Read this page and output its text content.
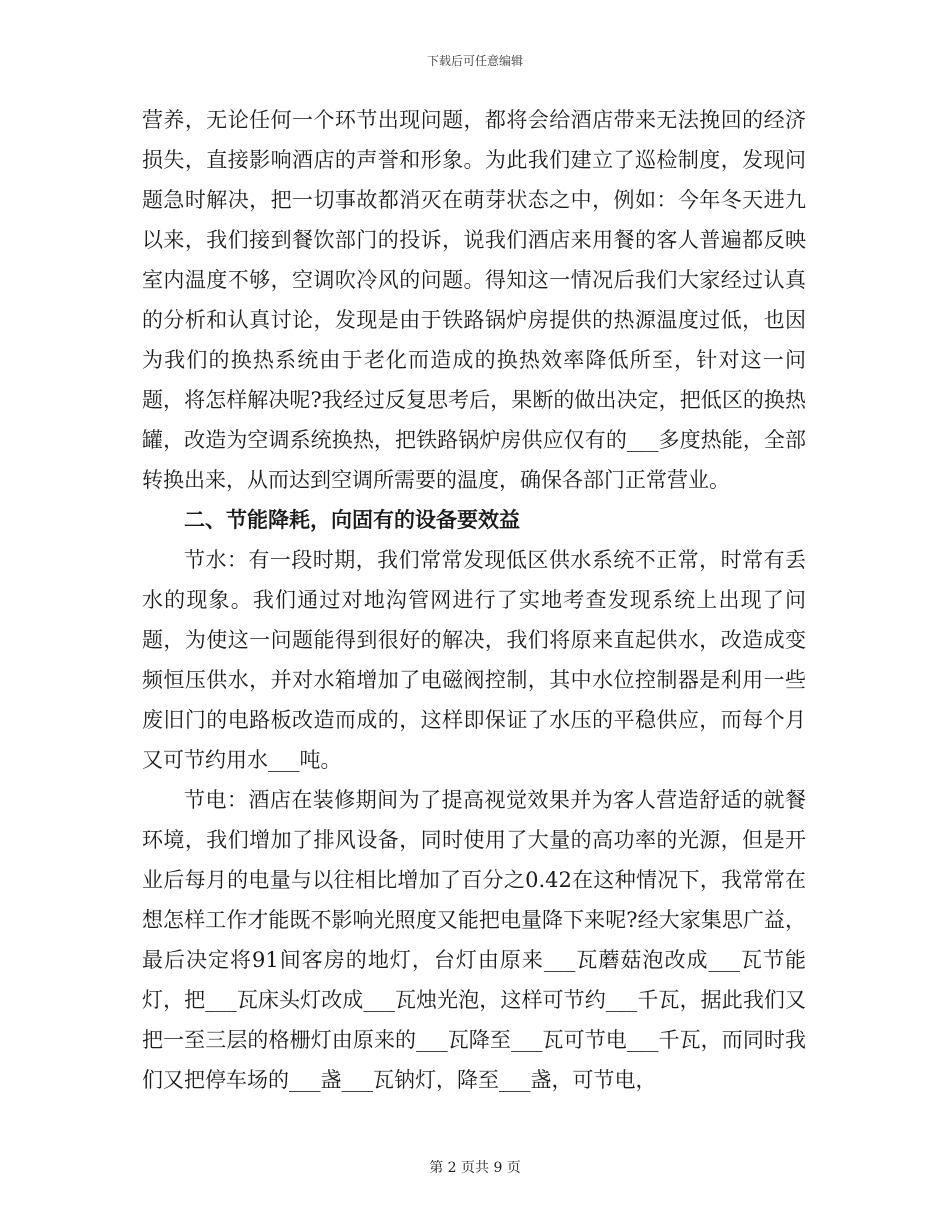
下载后可任意编辑

营养，无论任何一个环节出现问题，都将会给酒店带来无法挽回的经济损失，直接影响酒店的声誉和形象。为此我们建立了巡检制度，发现问题急时解决，把一切事故都消灭在萌芽状态之中，例如：今年冬天进九以来，我们接到餐饮部门的投诉，说我们酒店来用餐的客人普遍都反映室内温度不够，空调吹冷风的问题。得知这一情况后我们大家经过认真的分析和认真讨论，发现是由于铁路锅炉房提供的热源温度过低，也因为我们的换热系统由于老化而造成的换热效率降低所至，针对这一问题，将怎样解决呢?我经过反复思考后，果断的做出决定，把低区的换热罐，改造为空调系统换热，把铁路锅炉房供应仅有的___多度热能，全部转换出来，从而达到空调所需要的温度，确保各部门正常营业。

二、节能降耗，向固有的设备要效益

节水：有一段时期，我们常常发现低区供水系统不正常，时常有丢水的现象。我们通过对地沟管网进行了实地考查发现系统上出现了问题，为使这一问题能得到很好的解决，我们将原来直起供水，改造成变频恒压供水，并对水箱增加了电磁阀控制，其中水位控制器是利用一些废旧门的电路板改造而成的，这样即保证了水压的平稳供应，而每个月又可节约用水___吨。

节电：酒店在装修期间为了提高视觉效果并为客人营造舒适的就餐环境，我们增加了排风设备，同时使用了大量的高功率的光源，但是开业后每月的电量与以往相比增加了百分之0.42在这种情况下，我常常在想怎样工作才能既不影响光照度又能把电量降下来呢?经大家集思广益，最后决定将91间客房的地灯，台灯由原来___瓦蘑菇泡改成___瓦节能灯，把___瓦床头灯改成___瓦烛光泡，这样可节约___千瓦，据此我们又把一至三层的格栅灯由原来的___瓦降至___瓦可节电___千瓦，而同时我们又把停车场的___盏___瓦钠灯，降至___盏，可节电，

第 2 页共 9 页
